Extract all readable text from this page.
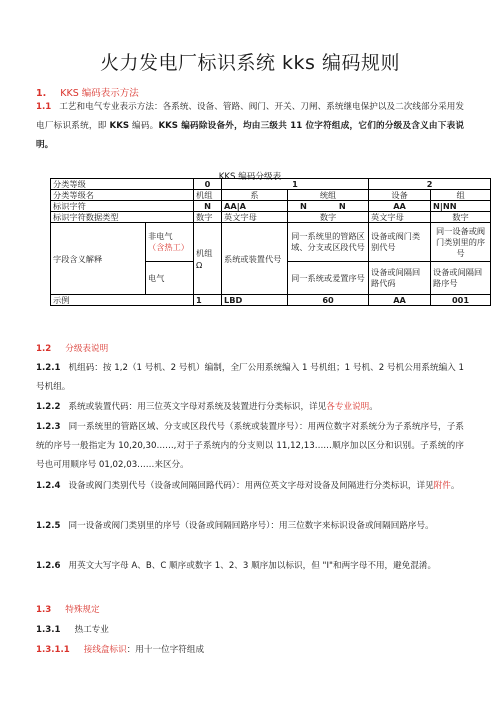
火力发电厂标识系统 kks 编码规则
1. KKS 编码表示方法
1.1 工艺和电气专业表示方法：各系统、设备、管路、阀门、开关、刀闸、系统继电保护以及二次线部分采用发电厂标识系统，即 KKS 编码。KKS 编码除设备外，均由三级共 11 位字符组成，它们的分级及含义由下表说明。
KKS 编码分级表
分类等级		0	1		2	
分类等级名		机组	系	统组	设备	组
标识字符		N	AA|A	N N	AA	N|NN
标识字符数据类型		数字	英文字母	数字	英文字母	数字
字段含义解释	非电气
（含热工）	机组 Ω	系统或装置代号	同一系统里的管路区域、分支或区段代号	设备或阀门类别代号	同一设备或阀门类别里的序号
	电气			同一系统或爰置序号	设备或间隔回路代码	设备或间隔回路序号
示例		1	LBD	60	AA	001
1.2 分级表说明
1.2.1 机组码：按 1,2（1 号机、2 号机）编制，全厂公用系统编入 1 号机组；1 号机、2 号机公用系统编入 1 号机组。
1.2.2 系统或装置代码：用三位英文字母对系统及装置进行分类标识，详见各专业说明。
1.2.3 同一系统里的管路区域、分支或区段代号（系统或装置序号）：用两位数字对系统分为子系统序号，子系统的序号一般指定为 10,20,30……,对于子系统内的分支则以 11,12,13……顺序加以区分和识别。子系统的序号也可用顺序号 01,02,03……来区分。
1.2.4 设备或阀门类别代号（设备或间隔回路代码）：用两位英文字母对设备及间隔进行分类标识，详见附件。
1.2.5 同一设备或阀门类别里的序号（设备或间隔回路序号）：用三位数字来标识设备或间隔回路序号。
1.2.6 用英文大写字母 A、B、C 顺序或数字 1、2、3 顺序加以标识，但 "I"和两字母不用，避免混淆。
1.3 特殊规定
1.3.1 热工专业
1.3.1.1 接线盒标识：用十一位字符组成
